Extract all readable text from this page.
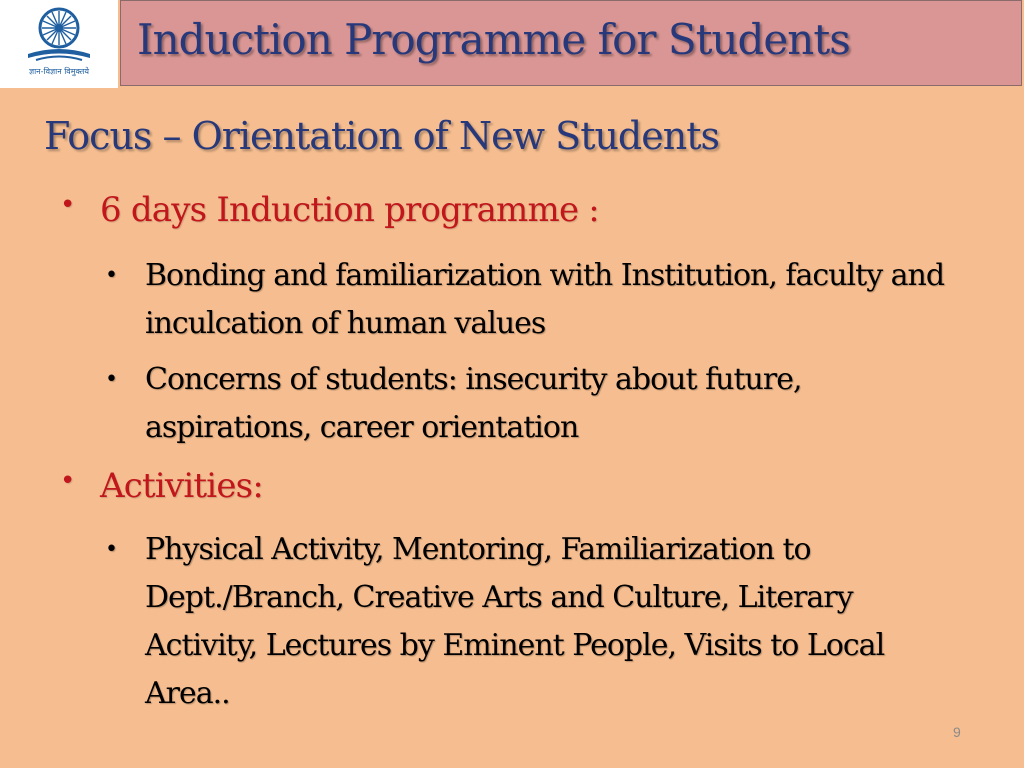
ज्ञान-विज्ञान विमुक्तये
Induction Programme for Students
Focus – Orientation of New Students
• 6 days Induction programme :
• Bonding and familiarization with Institution, faculty and inculcation of human values
• Concerns of students: insecurity about future, aspirations, career orientation
• Activities:
• Physical Activity, Mentoring, Familiarization to Dept./Branch, Creative Arts and Culture, Literary Activity, Lectures by Eminent People, Visits to Local Area..
9
